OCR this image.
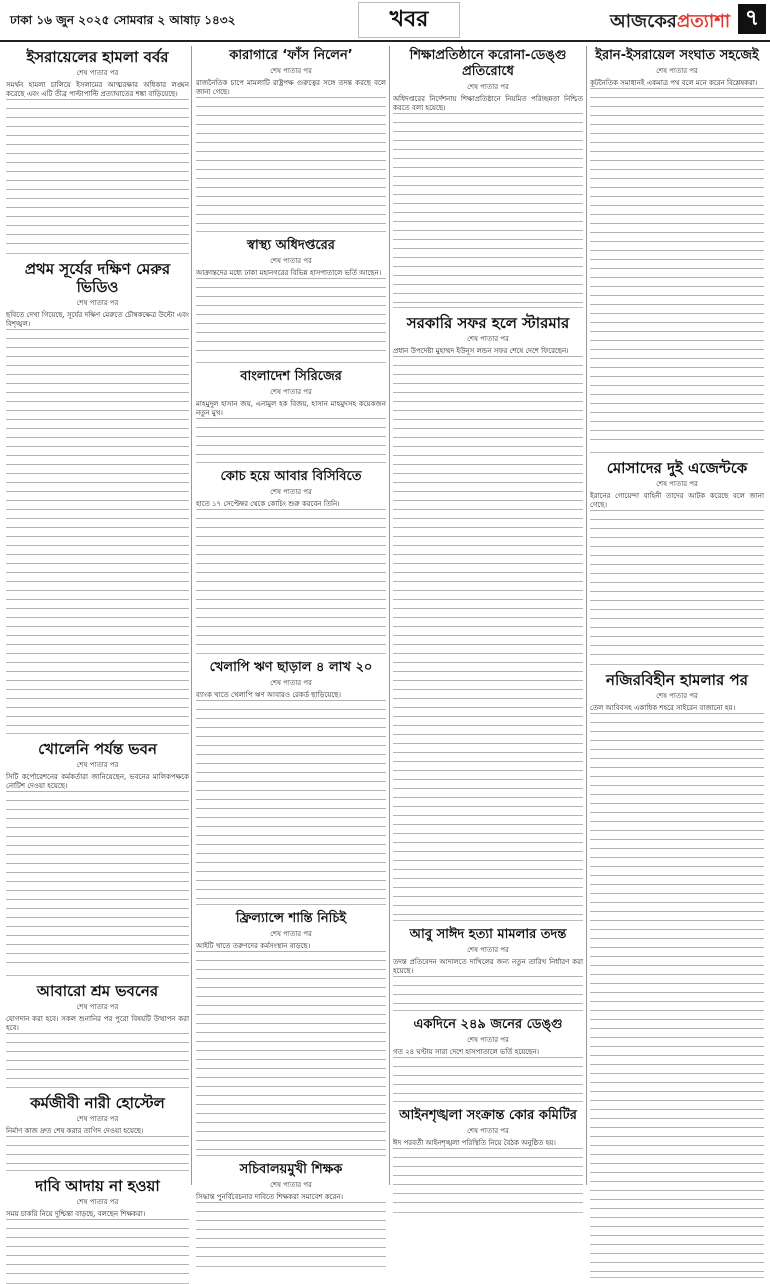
ঢাকা ১৬ জুন ২০২৫ সোমবার ২ আষাঢ় ১৪৩২	খবর	আজকেরপ্রত্যাশা ৭
ইসরায়েলের হামলা বর্বর
শেষ পাতার পর
সমর্থন হামলা চালিয়ে ইসলামের আত্মরক্ষার অধিকার লঙ্ঘন করেছে এবং এটি তীব্র পাল্টাপাল্টি প্রত্যাঘাতের শঙ্কা বাড়িয়েছে।
প্রথম সূর্যের দক্ষিণ মেরুর ভিডিও
শেষ পাতার পর
ছবিতে দেখা গিয়েছে, সূর্যের দক্ষিণ মেরুতে চৌম্বকক্ষেত্র উল্টো এবং বিশৃঙ্খল।
খোলেনি পর্যন্ত ভবন
শেষ পাতার পর
সিটি কর্পোরেশনের কর্মকর্তারা জানিয়েছেন, ভবনের মালিকপক্ষকে নোটিশ দেওয়া হয়েছে।
আবারো শ্রম ভবনের
শেষ পাতার পর
যোগদান করা হবে। সকল শুনানির পর পুরো বিষয়টি উত্থাপন করা হবে।
কর্মজীবী নারী হোস্টেল
শেষ পাতার পর
নির্মাণ কাজ দ্রুত শেষ করার তাগিদ দেওয়া হয়েছে।
দাবি আদায় না হওয়া
শেষ পাতার পর
সময় চাকরি নিয়ে দুশ্চিন্তা বাড়ছে, বলছেন শিক্ষকরা।
কারাগারে ‘ফাঁস নিলেন’
শেষ পাতার পর
রাজনৈতিক চাপে মামলাটি রাষ্ট্রপক্ষ গুরুত্বের সঙ্গে তদন্ত করছে বলে জানা গেছে।
স্বাস্থ্য অধিদপ্তরের
শেষ পাতার পর
আক্রান্তদের মধ্যে ঢাকা মহানগরের বিভিন্ন হাসপাতালে ভর্তি আছেন।
বাংলাদেশ সিরিজের
শেষ পাতার পর
মাহমুদুল হাসান জয়, এনামুল হক বিজয়, হাসান মাহমুদসহ কয়েকজন নতুন মুখ।
কোচ হয়ে আবার বিসিবিতে
শেষ পাতার পর
হাতে ১৭ সেপ্টেম্বর থেকে কোচিং শুরু করবেন তিনি।
খেলাপি ঋণ ছাড়াল ৪ লাখ ২০
শেষ পাতার পর
ব্যাংক খাতে খেলাপি ঋণ আবারও রেকর্ড ছাড়িয়েছে।
ফ্রিল্যান্সে শান্তি নিচিই
শেষ পাতার পর
আইটি খাতে তরুণদের কর্মসংস্থান বাড়ছে।
সচিবালয়মুখী শিক্ষক
শেষ পাতার পর
সিদ্ধান্ত পুনর্বিবেচনার দাবিতে শিক্ষকরা সমাবেশ করেন।
শিক্ষাপ্রতিষ্ঠানে করোনা-ডেঙ্গু প্রতিরোধে
শেষ পাতার পর
অধিদপ্তরের নির্দেশনায় শিক্ষাপ্রতিষ্ঠানে নিয়মিত পরিচ্ছন্নতা নিশ্চিত করতে বলা হয়েছে।
সরকারি সফর হলে স্টারমার
শেষ পাতার পর
প্রধান উপদেষ্টা মুহাম্মদ ইউনূস লন্ডন সফর শেষে দেশে ফিরেছেন।
আবু সাঈদ হত্যা মামলার তদন্ত
শেষ পাতার পর
তদন্ত প্রতিবেদন আদালতে দাখিলের জন্য নতুন তারিখ নির্ধারণ করা হয়েছে।
একদিনে ২৪৯ জনের ডেঙ্গু
শেষ পাতার পর
গত ২৪ ঘণ্টায় সারা দেশে হাসপাতালে ভর্তি হয়েছেন।
আইনশৃঙ্খলা সংক্রান্ত কোর কমিটির
শেষ পাতার পর
ঈদ পরবর্তী আইনশৃঙ্খলা পরিস্থিতি নিয়ে বৈঠক অনুষ্ঠিত হয়।
ইরান-ইসরায়েল সংঘাত সহজেই
শেষ পাতার পর
কূটনৈতিক সমাধানই একমাত্র পথ বলে মনে করেন বিশ্লেষকরা।
মোসাদের দুই এজেন্টকে
শেষ পাতার পর
ইরানের গোয়েন্দা বাহিনী তাদের আটক করেছে বলে জানা গেছে।
নজিরবিহীন হামলার পর
শেষ পাতার পর
তেল আবিবসহ একাধিক শহরে সাইরেন বাজানো হয়।
